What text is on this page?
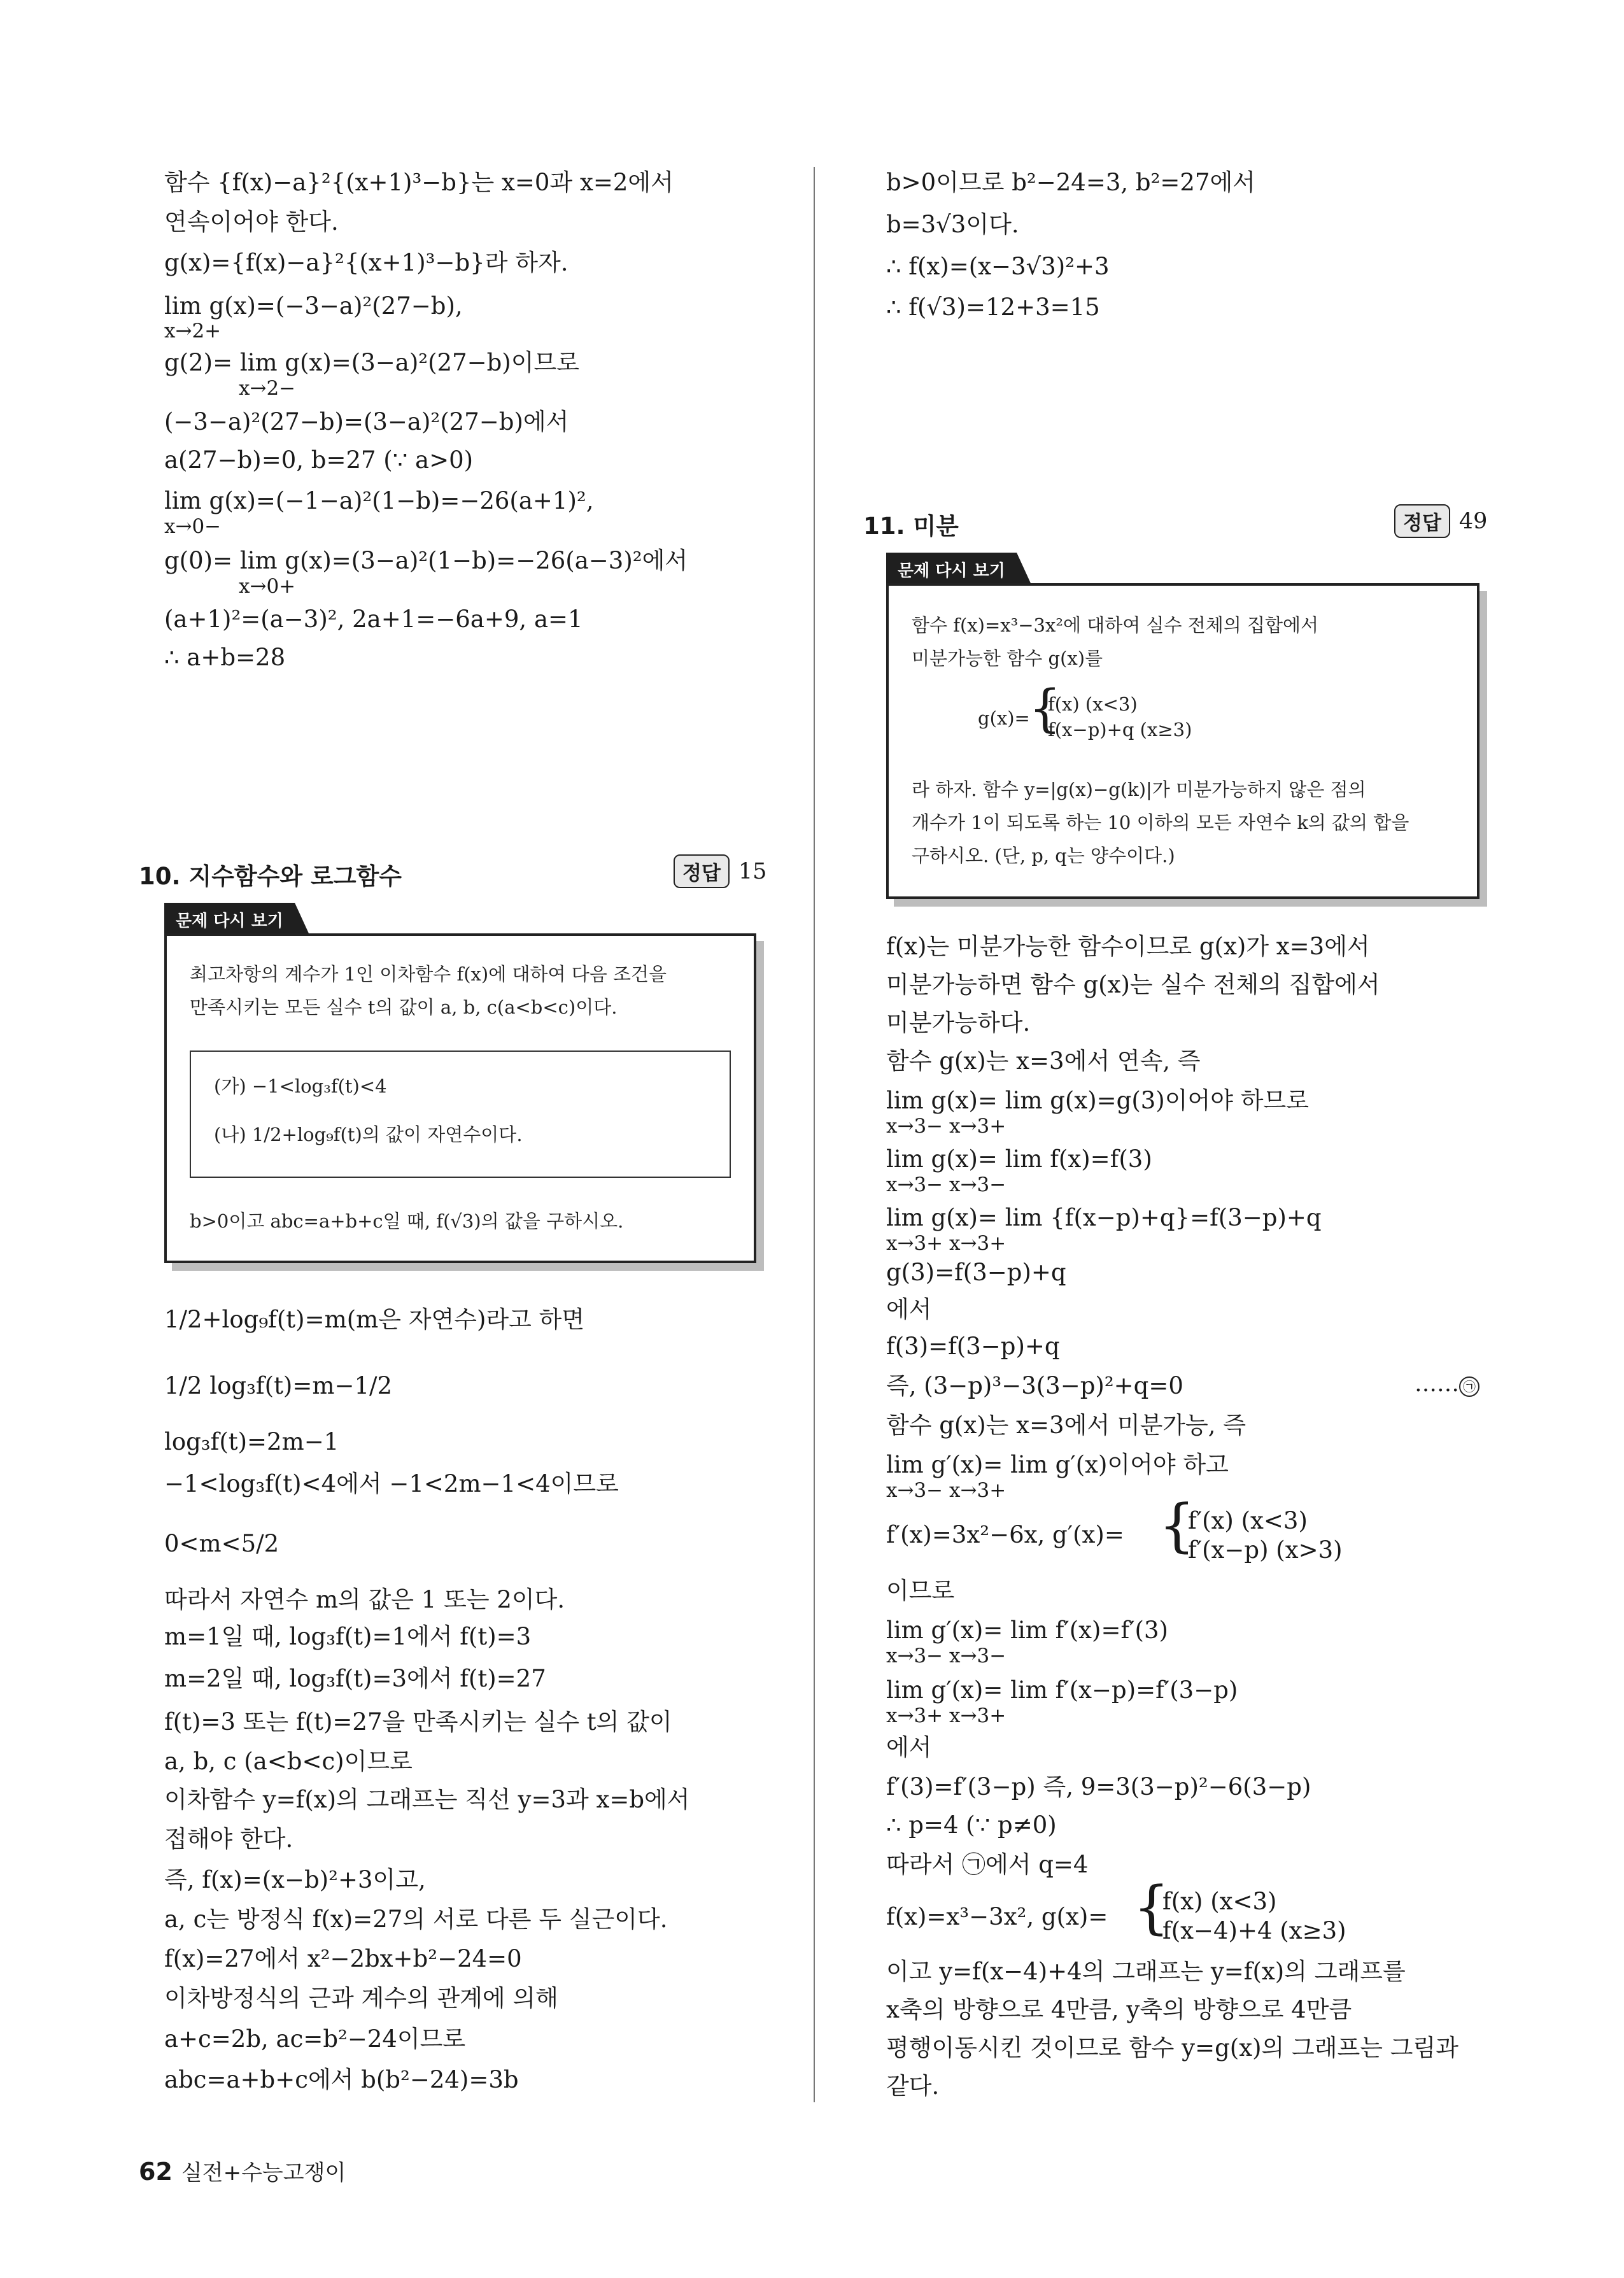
함수 {f(x)−a}²{(x+1)³−b}는 x=0과 x=2에서
연속이어야 한다.
g(x)={f(x)−a}²{(x+1)³−b}라 하자.
lim g(x)=(−3−a)²(27−b),
x→2+
g(2)= lim g(x)=(3−a)²(27−b)이므로
x→2−
(−3−a)²(27−b)=(3−a)²(27−b)에서
a(27−b)=0, b=27 (∵ a>0)
lim g(x)=(−1−a)²(1−b)=−26(a+1)²,
x→0−
g(0)= lim g(x)=(3−a)²(1−b)=−26(a−3)²에서
x→0+
(a+1)²=(a−3)², 2a+1=−6a+9, a=1
∴ a+b=28
10. 지수함수와 로그함수	정답 15
문제 다시 보기
최고차항의 계수가 1인 이차함수 f(x)에 대하여 다음 조건을
만족시키는 모든 실수 t의 값이 a, b, c(a<b<c)이다.
(가) −1<log₃f(t)<4
(나) 1/2+log₉f(t)의 값이 자연수이다.
b>0이고 abc=a+b+c일 때, f(√3)의 값을 구하시오.
1/2+log₉f(t)=m(m은 자연수)라고 하면
1/2 log₃f(t)=m−1/2
log₃f(t)=2m−1
−1<log₃f(t)<4에서 −1<2m−1<4이므로
0<m<5/2
따라서 자연수 m의 값은 1 또는 2이다.
m=1일 때, log₃f(t)=1에서 f(t)=3
m=2일 때, log₃f(t)=3에서 f(t)=27
f(t)=3 또는 f(t)=27을 만족시키는 실수 t의 값이
a, b, c (a<b<c)이므로
이차함수 y=f(x)의 그래프는 직선 y=3과 x=b에서
접해야 한다.
즉, f(x)=(x−b)²+3이고,
a, c는 방정식 f(x)=27의 서로 다른 두 실근이다.
f(x)=27에서 x²−2bx+b²−24=0
이차방정식의 근과 계수의 관계에 의해
a+c=2b, ac=b²−24이므로
abc=a+b+c에서 b(b²−24)=3b
b>0이므로 b²−24=3, b²=27에서
b=3√3이다.
∴ f(x)=(x−3√3)²+3
∴ f(√3)=12+3=15
11. 미분	정답 49
문제 다시 보기
함수 f(x)=x³−3x²에 대하여 실수 전체의 집합에서
미분가능한 함수 g(x)를
g(x)=
{
f(x) (x<3)
f(x−p)+q (x≥3)
라 하자. 함수 y=|g(x)−g(k)|가 미분가능하지 않은 점의
개수가 1이 되도록 하는 10 이하의 모든 자연수 k의 값의 합을
구하시오. (단, p, q는 양수이다.)
f(x)는 미분가능한 함수이므로 g(x)가 x=3에서
미분가능하면 함수 g(x)는 실수 전체의 집합에서
미분가능하다.
함수 g(x)는 x=3에서 연속, 즉
lim g(x)= lim g(x)=g(3)이어야 하므로
x→3− x→3+
lim g(x)= lim f(x)=f(3)
x→3− x→3−
lim g(x)= lim {f(x−p)+q}=f(3−p)+q
x→3+ x→3+
g(3)=f(3−p)+q
에서
f(3)=f(3−p)+q
즉, (3−p)³−3(3−p)²+q=0	…… ㉠
함수 g(x)는 x=3에서 미분가능, 즉
lim g′(x)= lim g′(x)이어야 하고
x→3− x→3+
f′(x)=3x²−6x, g′(x)= {
f′(x) (x<3)
f′(x−p) (x>3)
이므로
lim g′(x)= lim f′(x)=f′(3)
x→3− x→3−
lim g′(x)= lim f′(x−p)=f′(3−p)
x→3+ x→3+
에서
f′(3)=f′(3−p) 즉, 9=3(3−p)²−6(3−p)
∴ p=4 (∵ p≠0)
따라서 ㉠에서 q=4
f(x)=x³−3x², g(x)= {
f(x) (x<3)
f(x−4)+4 (x≥3)
이고 y=f(x−4)+4의 그래프는 y=f(x)의 그래프를
x축의 방향으로 4만큼, y축의 방향으로 4만큼
평행이동시킨 것이므로 함수 y=g(x)의 그래프는 그림과
같다.
62 실전+수능고쟁이
